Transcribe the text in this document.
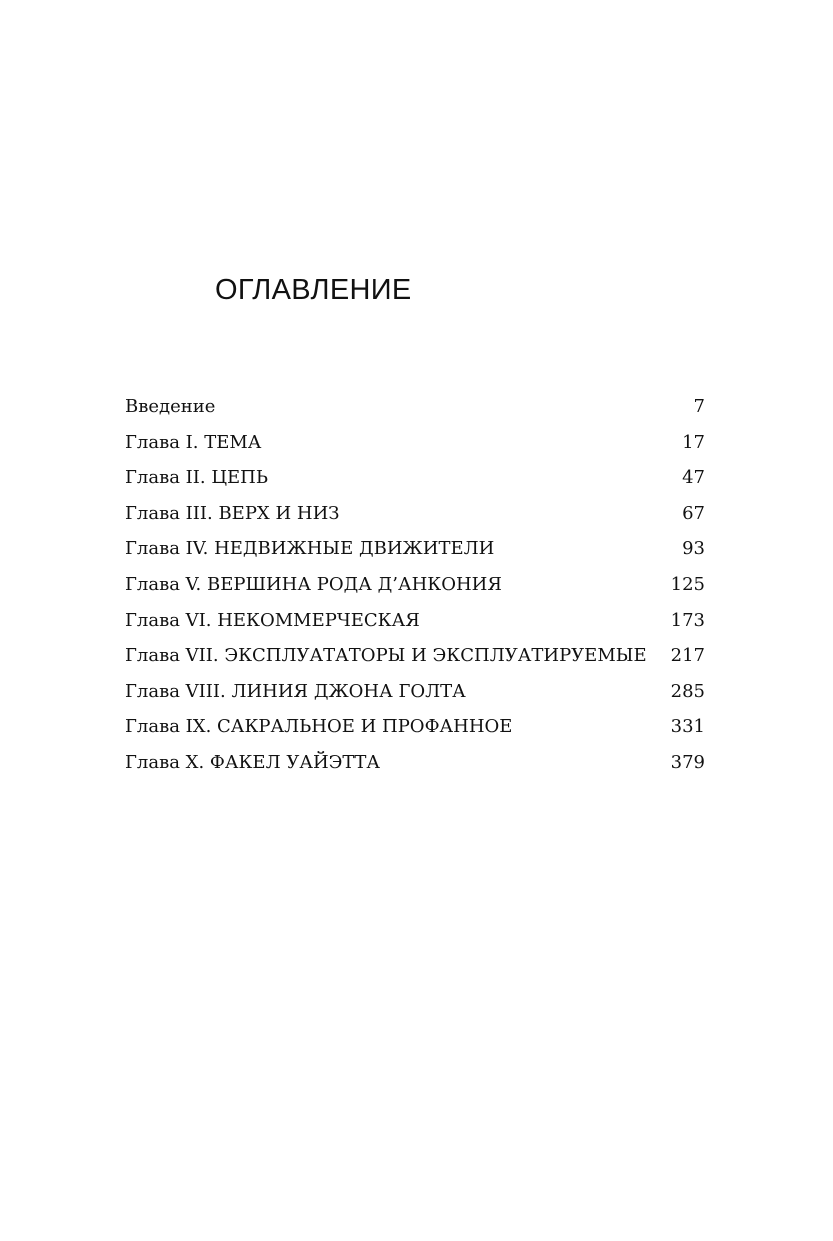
ОГЛАВЛЕНИЕ
Введение	7
Глава I. ТЕМА	17
Глава II. ЦЕПЬ	47
Глава III. ВЕРХ И НИЗ	67
Глава IV. НЕДВИЖНЫЕ ДВИЖИТЕЛИ	93
Глава V. ВЕРШИНА РОДА Д’АНКОНИЯ	125
Глава VI. НЕКОММЕРЧЕСКАЯ	173
Глава VII. ЭКСПЛУАТАТОРЫ И ЭКСПЛУАТИРУЕМЫЕ 217
Глава VIII. ЛИНИЯ ДЖОНА ГОЛТА	285
Глава IX. САКРАЛЬНОЕ И ПРОФАННОЕ	331
Глава X. ФАКЕЛ УАЙЭТТА	379
